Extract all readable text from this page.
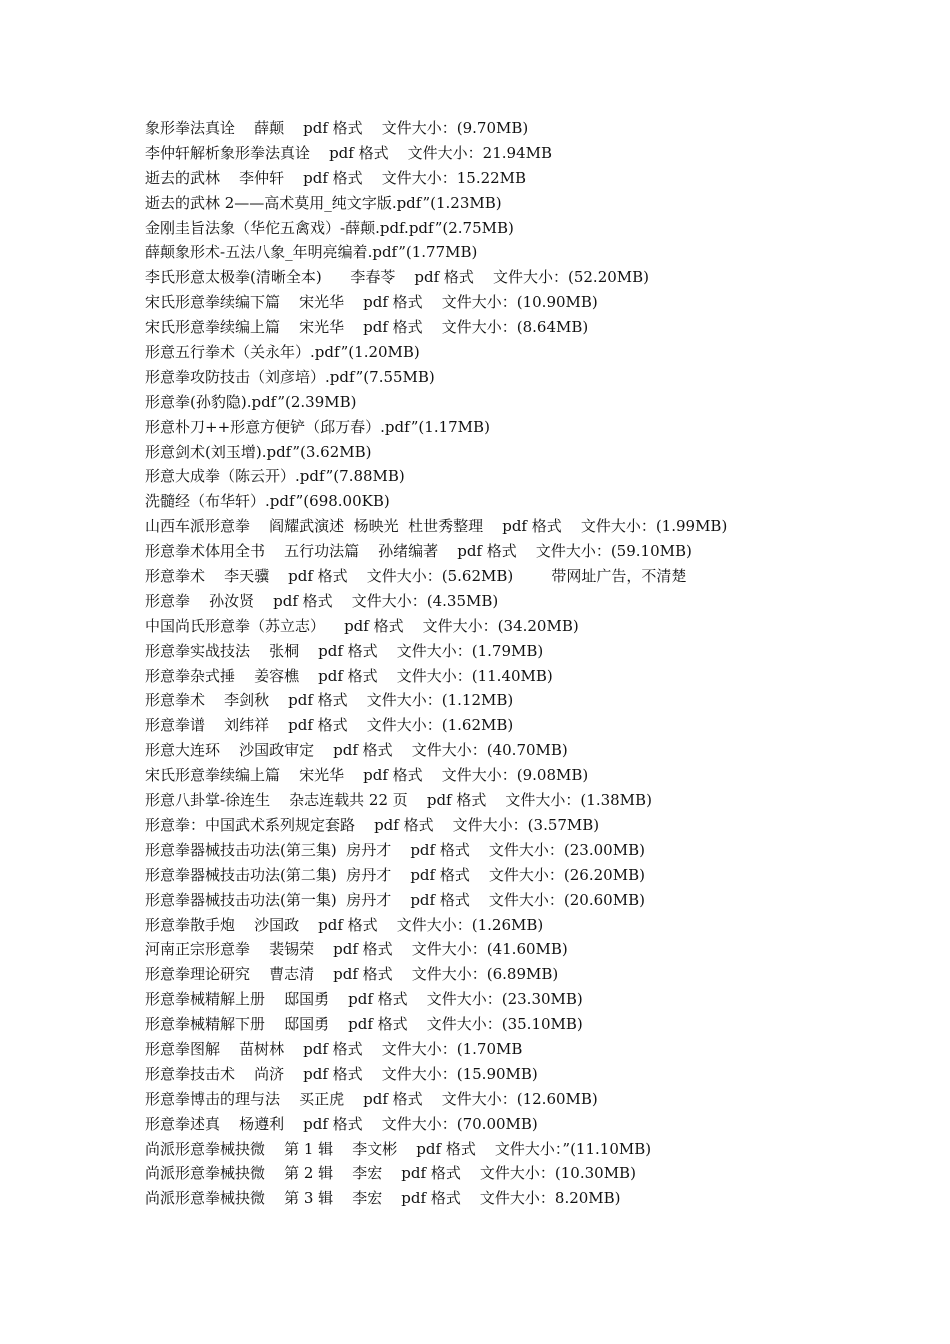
象形拳法真诠    薛颠    pdf 格式    文件大小：(9.70MB)
李仲轩解析象形拳法真诠    pdf 格式    文件大小：21.94MB
逝去的武林    李仲轩    pdf 格式    文件大小：15.22MB
逝去的武林 2——高术莫用_纯文字版.pdf”(1.23MB)
金刚圭旨法象（华佗五禽戏）-薛颠.pdf.pdf”(2.75MB)
薛颠象形术-五法八象_年明亮编着.pdf”(1.77MB)
李氏形意太极拳(清晰全本)      李春苓    pdf 格式    文件大小：(52.20MB)
宋氏形意拳续编下篇    宋光华    pdf 格式    文件大小：(10.90MB)
宋氏形意拳续编上篇    宋光华    pdf 格式    文件大小：(8.64MB)
形意五行拳术（关永年）.pdf”(1.20MB)
形意拳攻防技击（刘彦培）.pdf”(7.55MB)
形意拳(孙豹隐).pdf”(2.39MB)
形意朴刀++形意方便铲（邱万春）.pdf”(1.17MB)
形意剑术(刘玉增).pdf”(3.62MB)
形意大成拳（陈云开）.pdf”(7.88MB)
洗髓经（布华轩）.pdf”(698.00KB)
山西车派形意拳    阎耀武演述  杨映光  杜世秀整理    pdf 格式    文件大小：(1.99MB)
形意拳术体用全书    五行功法篇    孙绪编著    pdf 格式    文件大小：(59.10MB)
形意拳术    李天骥    pdf 格式    文件大小：(5.62MB)        带网址广告，不清楚
形意拳    孙汝贤    pdf 格式    文件大小：(4.35MB)
中国尚氏形意拳（苏立志）    pdf 格式    文件大小：(34.20MB)
形意拳实战技法    张桐    pdf 格式    文件大小：(1.79MB)
形意拳杂式捶    姜容樵    pdf 格式    文件大小：(11.40MB)
形意拳术    李剑秋    pdf 格式    文件大小：(1.12MB)
形意拳谱    刘纬祥    pdf 格式    文件大小：(1.62MB)
形意大连环    沙国政审定    pdf 格式    文件大小：(40.70MB)
宋氏形意拳续编上篇    宋光华    pdf 格式    文件大小：(9.08MB)
形意八卦掌-徐连生    杂志连载共 22 页    pdf 格式    文件大小：(1.38MB)
形意拳：中国武术系列规定套路    pdf 格式    文件大小：(3.57MB)
形意拳器械技击功法(第三集)  房丹才    pdf 格式    文件大小：(23.00MB)
形意拳器械技击功法(第二集)  房丹才    pdf 格式    文件大小：(26.20MB)
形意拳器械技击功法(第一集)  房丹才    pdf 格式    文件大小：(20.60MB)
形意拳散手炮    沙国政    pdf 格式    文件大小：(1.26MB)
河南正宗形意拳    裴锡荣    pdf 格式    文件大小：(41.60MB)
形意拳理论研究    曹志清    pdf 格式    文件大小：(6.89MB)
形意拳械精解上册    邸国勇    pdf 格式    文件大小：(23.30MB)
形意拳械精解下册    邸国勇    pdf 格式    文件大小：(35.10MB)
形意拳图解    苗树林    pdf 格式    文件大小：(1.70MB
形意拳技击术    尚济    pdf 格式    文件大小：(15.90MB)
形意拳博击的理与法    买正虎    pdf 格式    文件大小：(12.60MB)
形意拳述真    杨遵利    pdf 格式    文件大小：(70.00MB)
尚派形意拳械抉微    第 1 辑    李文彬    pdf 格式    文件大小：”(11.10MB)
尚派形意拳械抉微    第 2 辑    李宏    pdf 格式    文件大小：(10.30MB)
尚派形意拳械抉微    第 3 辑    李宏    pdf 格式    文件大小：8.20MB)
